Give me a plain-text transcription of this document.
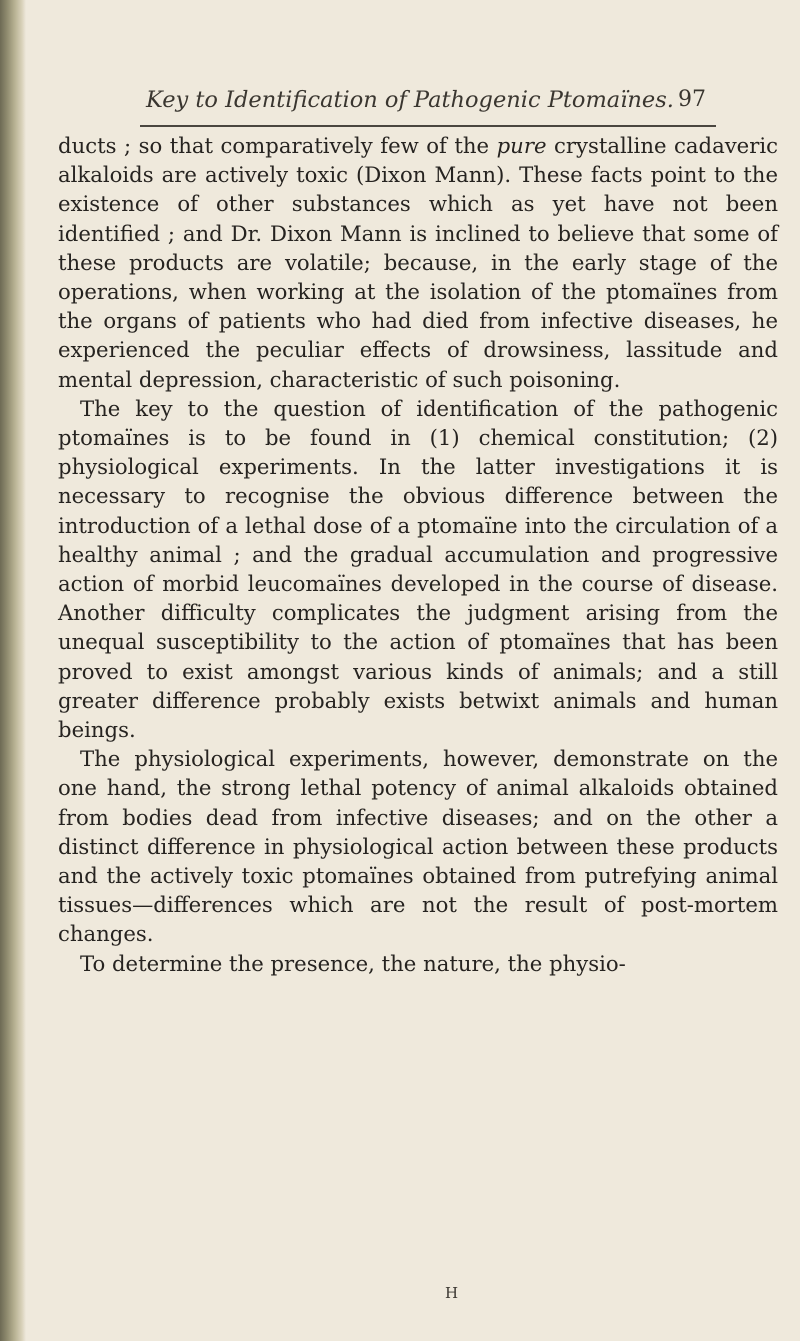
Key to Identification of Pathogenic Ptomaïnes. 97

ducts ; so that comparatively few of the pure crystalline cadaveric alkaloids are actively toxic (Dixon Mann). These facts point to the existence of other substances which as yet have not been identified ; and Dr. Dixon Mann is inclined to believe that some of these products are volatile; because, in the early stage of the operations, when working at the isolation of the ptomaïnes from the organs of patients who had died from infective diseases, he experienced the peculiar effects of drowsiness, lassitude and mental depression, characteristic of such poisoning.

The key to the question of identification of the pathogenic ptomaïnes is to be found in (1) chemical constitution; (2) physiological experiments. In the latter investigations it is necessary to recognise the obvious difference between the introduction of a lethal dose of a ptomaïne into the circulation of a healthy animal ; and the gradual accumulation and progressive action of morbid leucomaïnes developed in the course of disease. Another difficulty complicates the judgment arising from the unequal susceptibility to the action of ptomaïnes that has been proved to exist amongst various kinds of animals; and a still greater difference probably exists betwixt animals and human beings.

The physiological experiments, however, demonstrate on the one hand, the strong lethal potency of animal alkaloids obtained from bodies dead from infective diseases; and on the other a distinct difference in physiological action between these products and the actively toxic ptomaïnes obtained from putrefying animal tissues—differences which are not the result of post-mortem changes.

To determine the presence, the nature, the physio-

H
